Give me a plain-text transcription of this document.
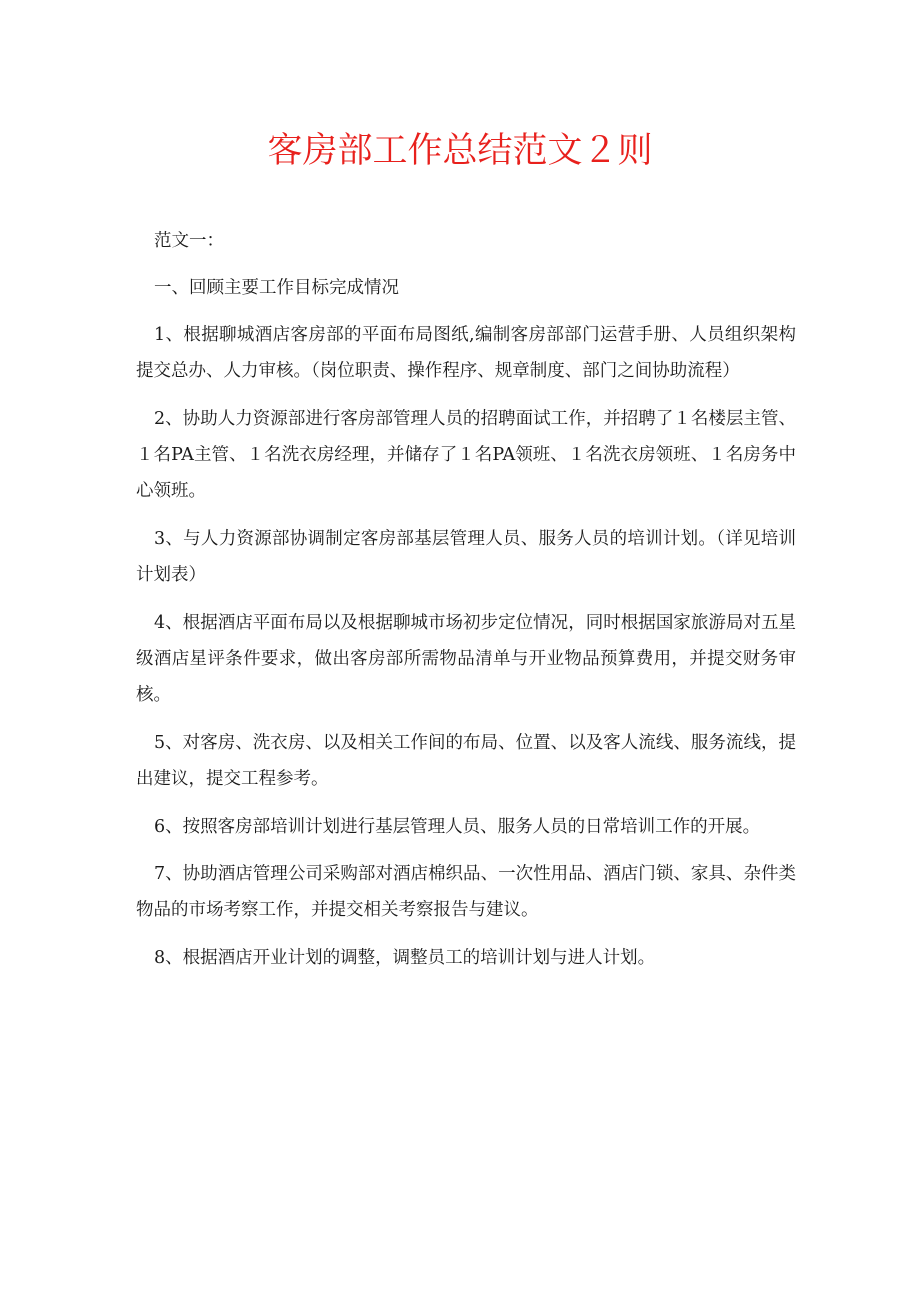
客房部工作总结范文２则

范文一：

一、回顾主要工作目标完成情况

1、根据聊城酒店客房部的平面布局图纸,编制客房部部门运营手册、人员组织架构提交总办、人力审核。（岗位职责、操作程序、规章制度、部门之间协助流程）

2、协助人力资源部进行客房部管理人员的招聘面试工作，并招聘了１名楼层主管、１名PA主管、１名洗衣房经理，并储存了１名PA领班、１名洗衣房领班、１名房务中心领班。

3、与人力资源部协调制定客房部基层管理人员、服务人员的培训计划。（详见培训计划表）

4、根据酒店平面布局以及根据聊城市场初步定位情况，同时根据国家旅游局对五星级酒店星评条件要求，做出客房部所需物品清单与开业物品预算费用，并提交财务审核。

5、对客房、洗衣房、以及相关工作间的布局、位置、以及客人流线、服务流线，提出建议，提交工程参考。

6、按照客房部培训计划进行基层管理人员、服务人员的日常培训工作的开展。

7、协助酒店管理公司采购部对酒店棉织品、一次性用品、酒店门锁、家具、杂件类物品的市场考察工作，并提交相关考察报告与建议。

8、根据酒店开业计划的调整，调整员工的培训计划与进人计划。
